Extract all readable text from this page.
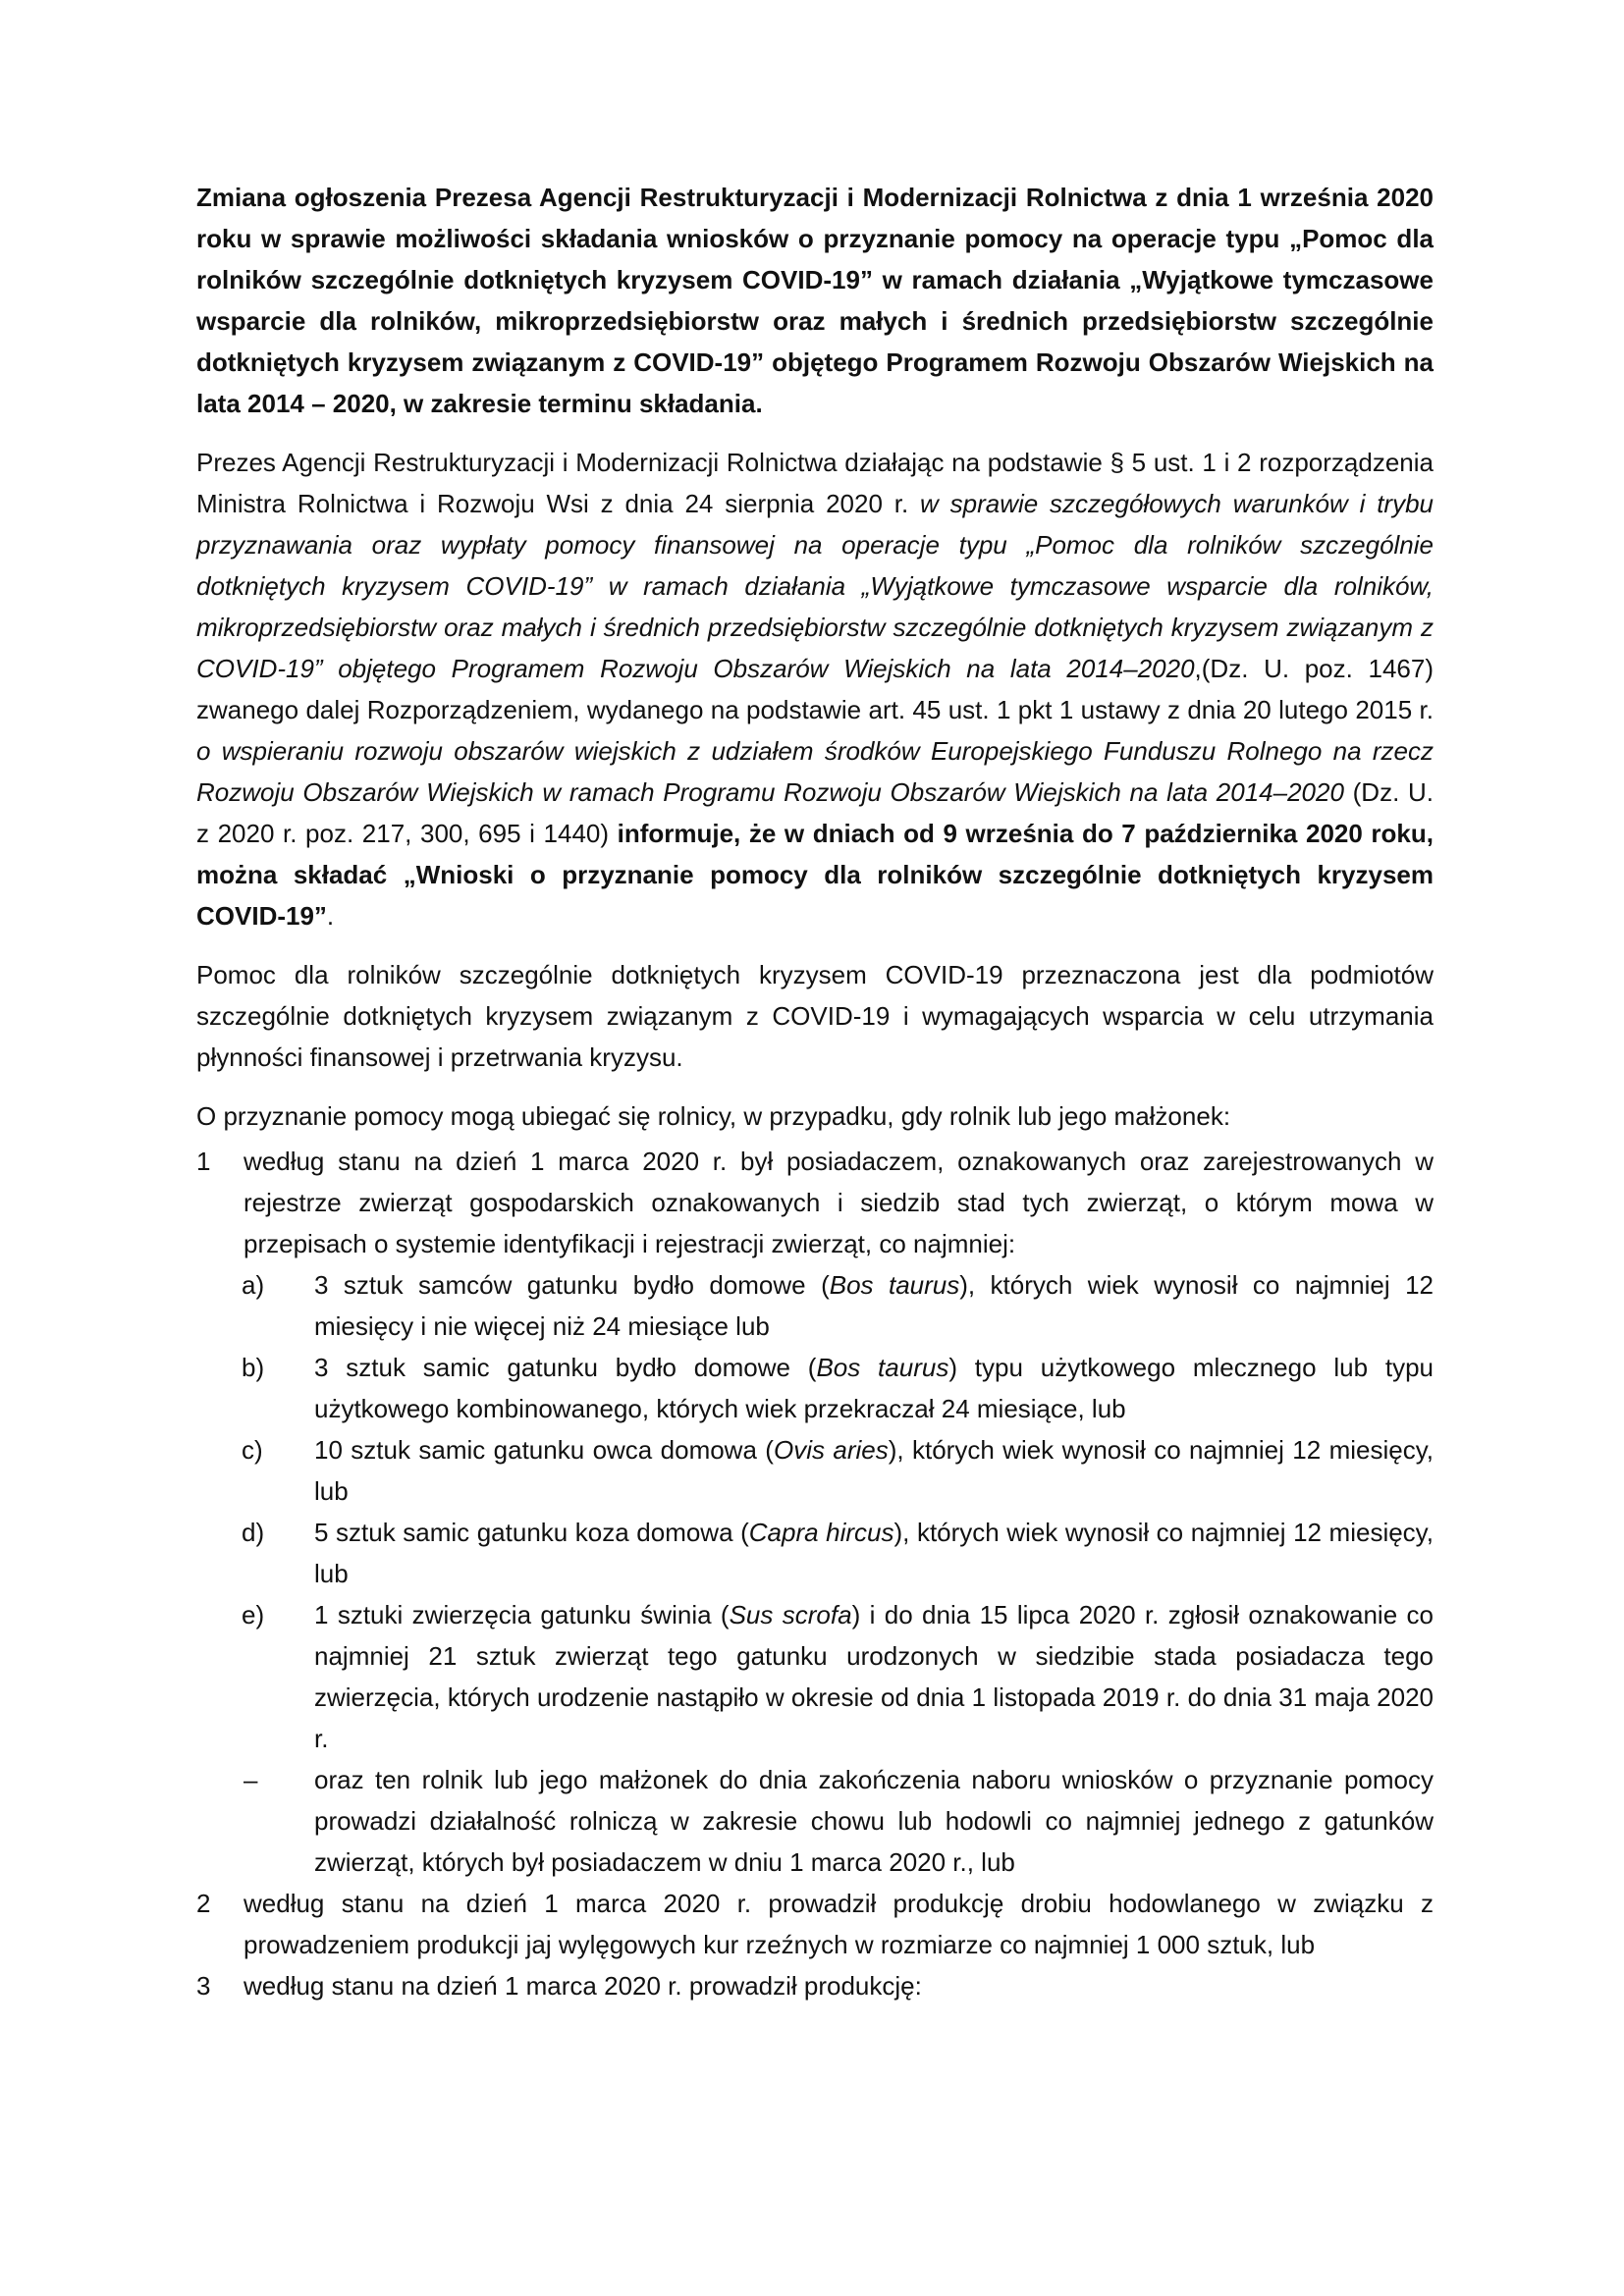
Zmiana ogłoszenia Prezesa Agencji Restrukturyzacji i Modernizacji Rolnictwa z dnia 1 września 2020 roku w sprawie możliwości składania wniosków o przyznanie pomocy na operacje typu „Pomoc dla rolników szczególnie dotkniętych kryzysem COVID-19” w ramach działania „Wyjątkowe tymczasowe wsparcie dla rolników, mikroprzedsiębiorstw oraz małych i średnich przedsiębiorstw szczególnie dotkniętych kryzysem związanym z COVID-19” objętego Programem Rozwoju Obszarów Wiejskich na lata 2014 – 2020, w zakresie terminu składania.

Prezes Agencji Restrukturyzacji i Modernizacji Rolnictwa działając na podstawie § 5 ust. 1 i 2 rozporządzenia Ministra Rolnictwa i Rozwoju Wsi z dnia 24 sierpnia 2020 r. w sprawie szczegółowych warunków i trybu przyznawania oraz wypłaty pomocy finansowej na operacje typu „Pomoc dla rolników szczególnie dotkniętych kryzysem COVID-19” w ramach działania „Wyjątkowe tymczasowe wsparcie dla rolników, mikroprzedsiębiorstw oraz małych i średnich przedsiębiorstw szczególnie dotkniętych kryzysem związanym z COVID-19” objętego Programem Rozwoju Obszarów Wiejskich na lata 2014–2020,(Dz. U. poz. 1467) zwanego dalej Rozporządzeniem, wydanego na podstawie art. 45 ust. 1 pkt 1 ustawy z dnia 20 lutego 2015 r. o wspieraniu rozwoju obszarów wiejskich z udziałem środków Europejskiego Funduszu Rolnego na rzecz Rozwoju Obszarów Wiejskich w ramach Programu Rozwoju Obszarów Wiejskich na lata 2014–2020 (Dz. U. z 2020 r. poz. 217, 300, 695 i 1440) informuje, że w dniach od 9 września do 7 października 2020 roku, można składać „Wnioski o przyznanie pomocy dla rolników szczególnie dotkniętych kryzysem COVID-19”.

Pomoc dla rolników szczególnie dotkniętych kryzysem COVID-19 przeznaczona jest dla podmiotów szczególnie dotkniętych kryzysem związanym z COVID-19 i wymagających wsparcia w celu utrzymania płynności finansowej i przetrwania kryzysu.

O przyznanie pomocy mogą ubiegać się rolnicy, w przypadku, gdy rolnik lub jego małżonek:

1 według stanu na dzień 1 marca 2020 r. był posiadaczem, oznakowanych oraz zarejestrowanych w rejestrze zwierząt gospodarskich oznakowanych i siedzib stad tych zwierząt, o którym mowa w przepisach o systemie identyfikacji i rejestracji zwierząt, co najmniej:
a) 3 sztuk samców gatunku bydło domowe (Bos taurus), których wiek wynosił co najmniej 12 miesięcy i nie więcej niż 24 miesiące lub
b) 3 sztuk samic gatunku bydło domowe (Bos taurus) typu użytkowego mlecznego lub typu użytkowego kombinowanego, których wiek przekraczał 24 miesiące, lub
c) 10 sztuk samic gatunku owca domowa (Ovis aries), których wiek wynosił co najmniej 12 miesięcy, lub
d) 5 sztuk samic gatunku koza domowa (Capra hircus), których wiek wynosił co najmniej 12 miesięcy, lub
e) 1 sztuki zwierzęcia gatunku świnia (Sus scrofa) i do dnia 15 lipca 2020 r. zgłosił oznakowanie co najmniej 21 sztuk zwierząt tego gatunku urodzonych w siedzibie stada posiadacza tego zwierzęcia, których urodzenie nastąpiło w okresie od dnia 1 listopada 2019 r. do dnia 31 maja 2020 r.
– oraz ten rolnik lub jego małżonek do dnia zakończenia naboru wniosków o przyznanie pomocy prowadzi działalność rolniczą w zakresie chowu lub hodowli co najmniej jednego z gatunków zwierząt, których był posiadaczem w dniu 1 marca 2020 r., lub
2 według stanu na dzień 1 marca 2020 r. prowadził produkcję drobiu hodowlanego w związku z prowadzeniem produkcji jaj wylęgowych kur rzeźnych w rozmiarze co najmniej 1 000 sztuk, lub
3 według stanu na dzień 1 marca 2020 r. prowadził produkcję:
